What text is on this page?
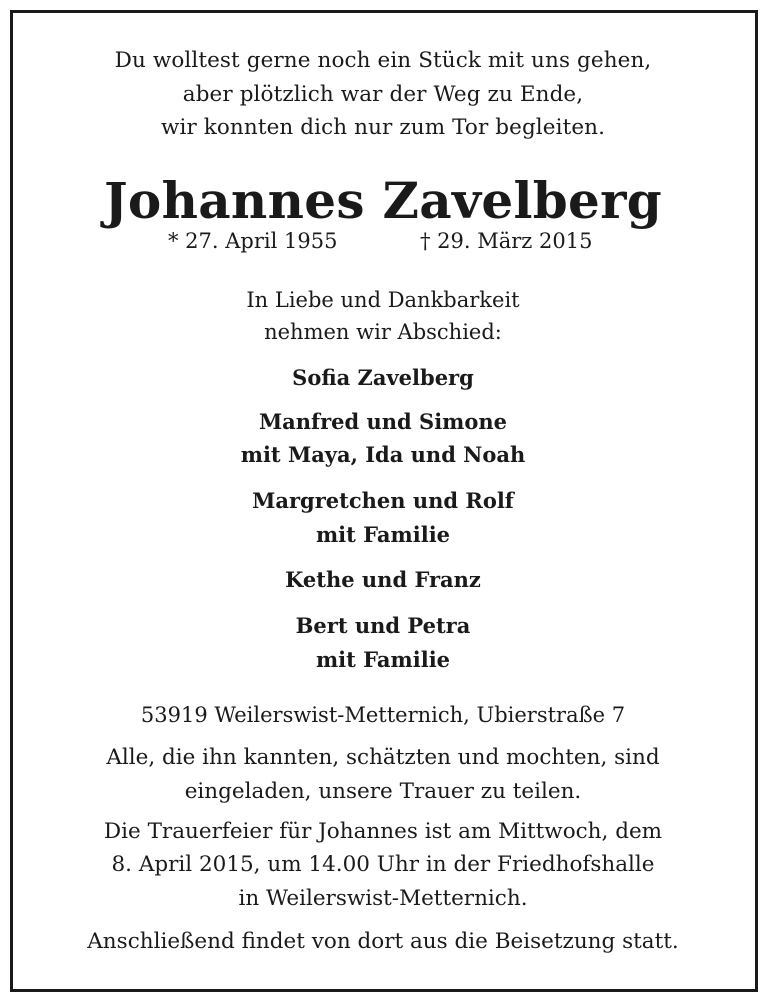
Du wolltest gerne noch ein Stück mit uns gehen,
aber plötzlich war der Weg zu Ende,
wir konnten dich nur zum Tor begleiten.
Johannes Zavelberg
* 27. April 1955	† 29. März 2015
In Liebe und Dankbarkeit
nehmen wir Abschied:
Sofia Zavelberg
Manfred und Simone
mit Maya, Ida und Noah
Margretchen und Rolf
mit Familie
Kethe und Franz
Bert und Petra
mit Familie
53919 Weilerswist-Metternich, Ubierstraße 7
Alle, die ihn kannten, schätzten und mochten, sind
eingeladen, unsere Trauer zu teilen.
Die Trauerfeier für Johannes ist am Mittwoch, dem
8. April 2015, um 14.00 Uhr in der Friedhofshalle
in Weilerswist-Metternich.
Anschließend findet von dort aus die Beisetzung statt.
